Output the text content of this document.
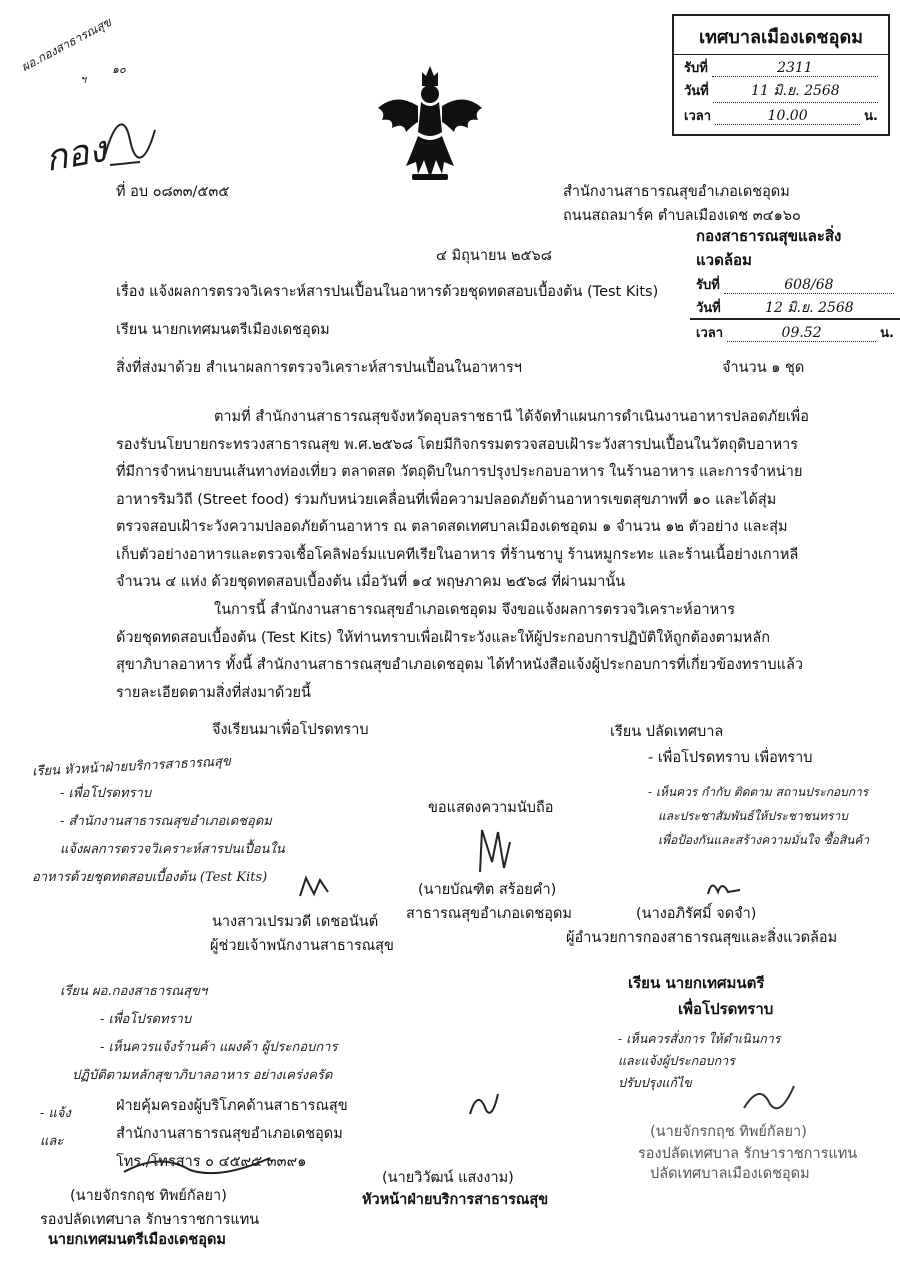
ผอ.กองสาธารณสุข
ฯ
๑๐
กอง
เทศบาลเมืองเดชอุดม
รับที่	2311
วันที่	11 มิ.ย. 2568
เวลา	10.00	น.
กองสาธารณสุขและสิ่งแวดล้อม
รับที่	608/68
วันที่	12 มิ.ย. 2568
เวลา	09.52	น.
ที่ อบ ๐๘๓๓/๕๓๕	สำนักงานสาธารณสุขอำเภอเดชอุดม
ถนนสถลมาร์ค ตำบลเมืองเดช ๓๔๑๖๐
๔ มิถุนายน ๒๕๖๘
เรื่อง แจ้งผลการตรวจวิเคราะห์สารปนเปื้อนในอาหารด้วยชุดทดสอบเบื้องต้น (Test Kits)
เรียน นายกเทศมนตรีเมืองเดชอุดม
สิ่งที่ส่งมาด้วย สำเนาผลการตรวจวิเคราะห์สารปนเปื้อนในอาหารฯ	จำนวน ๑ ชุด
ตามที่ สำนักงานสาธารณสุขจังหวัดอุบลราชธานี ได้จัดทำแผนการดำเนินงานอาหารปลอดภัยเพื่อ
รองรับนโยบายกระทรวงสาธารณสุข พ.ศ.๒๕๖๘ โดยมีกิจกรรมตรวจสอบเฝ้าระวังสารปนเปื้อนในวัตถุดิบอาหาร
ที่มีการจำหน่ายบนเส้นทางท่องเที่ยว ตลาดสด วัตถุดิบในการปรุงประกอบอาหาร ในร้านอาหาร และการจำหน่าย
อาหารริมวิถี (Street food) ร่วมกับหน่วยเคลื่อนที่เพื่อความปลอดภัยด้านอาหารเขตสุขภาพที่ ๑๐ และได้สุ่ม
ตรวจสอบเฝ้าระวังความปลอดภัยด้านอาหาร ณ ตลาดสดเทศบาลเมืองเดชอุดม ๑ จำนวน ๑๒ ตัวอย่าง และสุ่ม
เก็บตัวอย่างอาหารและตรวจเชื้อโคลิฟอร์มแบคทีเรียในอาหาร ที่ร้านชาบู ร้านหมูกระทะ และร้านเนื้อย่างเกาหลี
จำนวน ๔ แห่ง ด้วยชุดทดสอบเบื้องต้น เมื่อวันที่ ๑๔ พฤษภาคม ๒๕๖๘ ที่ผ่านมานั้น
ในการนี้ สำนักงานสาธารณสุขอำเภอเดชอุดม จึงขอแจ้งผลการตรวจวิเคราะห์อาหาร
ด้วยชุดทดสอบเบื้องต้น (Test Kits) ให้ท่านทราบเพื่อเฝ้าระวังและให้ผู้ประกอบการปฏิบัติให้ถูกต้องตามหลัก
สุขาภิบาลอาหาร ทั้งนี้ สำนักงานสาธารณสุขอำเภอเดชอุดม ได้ทำหนังสือแจ้งผู้ประกอบการที่เกี่ยวข้องทราบแล้ว
รายละเอียดตามสิ่งที่ส่งมาด้วยนี้
จึงเรียนมาเพื่อโปรดทราบ
ขอแสดงความนับถือ
(นายบัณฑิต สร้อยคำ)
สาธารณสุขอำเภอเดชอุดม
เรียน หัวหน้าฝ่ายบริการสาธารณสุข
- เพื่อโปรดทราบ
- สำนักงานสาธารณสุขอำเภอเดชอุดม
แจ้งผลการตรวจวิเคราะห์สารปนเปื้อนใน
อาหารด้วยชุดทดสอบเบื้องต้น (Test Kits)
นางสาวเปรมวดี เดชอนันต์
ผู้ช่วยเจ้าพนักงานสาธารณสุข
เรียน ปลัดเทศบาล
- เพื่อโปรดทราบ เพื่อทราบ
- เห็นควร กำกับ ติดตาม สถานประกอบการ
และประชาสัมพันธ์ให้ประชาชนทราบ
เพื่อป้องกันและสร้างความมั่นใจ ซื้อสินค้า
(นางอภิรัศมิ์ จดจำ)
ผู้อำนวยการกองสาธารณสุขและสิ่งแวดล้อม
เรียน นายกเทศมนตรี
เพื่อโปรดทราบ
- เห็นควรสั่งการ ให้ดำเนินการ
และแจ้งผู้ประกอบการ
ปรับปรุงแก้ไข
(นายจักรกฤช ทิพย์กัลยา)
รองปลัดเทศบาล รักษาราชการแทน
ปลัดเทศบาลเมืองเดชอุดม
เรียน ผอ.กองสาธารณสุขฯ
- เพื่อโปรดทราบ
- เห็นควรแจ้งร้านค้า แผงค้า ผู้ประกอบการ
ปฏิบัติตามหลักสุขาภิบาลอาหาร อย่างเคร่งครัด
- แจ้ง
และ
ฝ่ายคุ้มครองผู้บริโภคด้านสาธารณสุข
สำนักงานสาธารณสุขอำเภอเดชอุดม
โทร./โทรสาร ๐ ๔๕๙๕ ๓๓๙๑
(นายวิวัฒน์ แสงงาม)
หัวหน้าฝ่ายบริการสาธารณสุข
(นายจักรกฤช ทิพย์กัลยา)
รองปลัดเทศบาล รักษาราชการแทน
นายกเทศมนตรีเมืองเดชอุดม
